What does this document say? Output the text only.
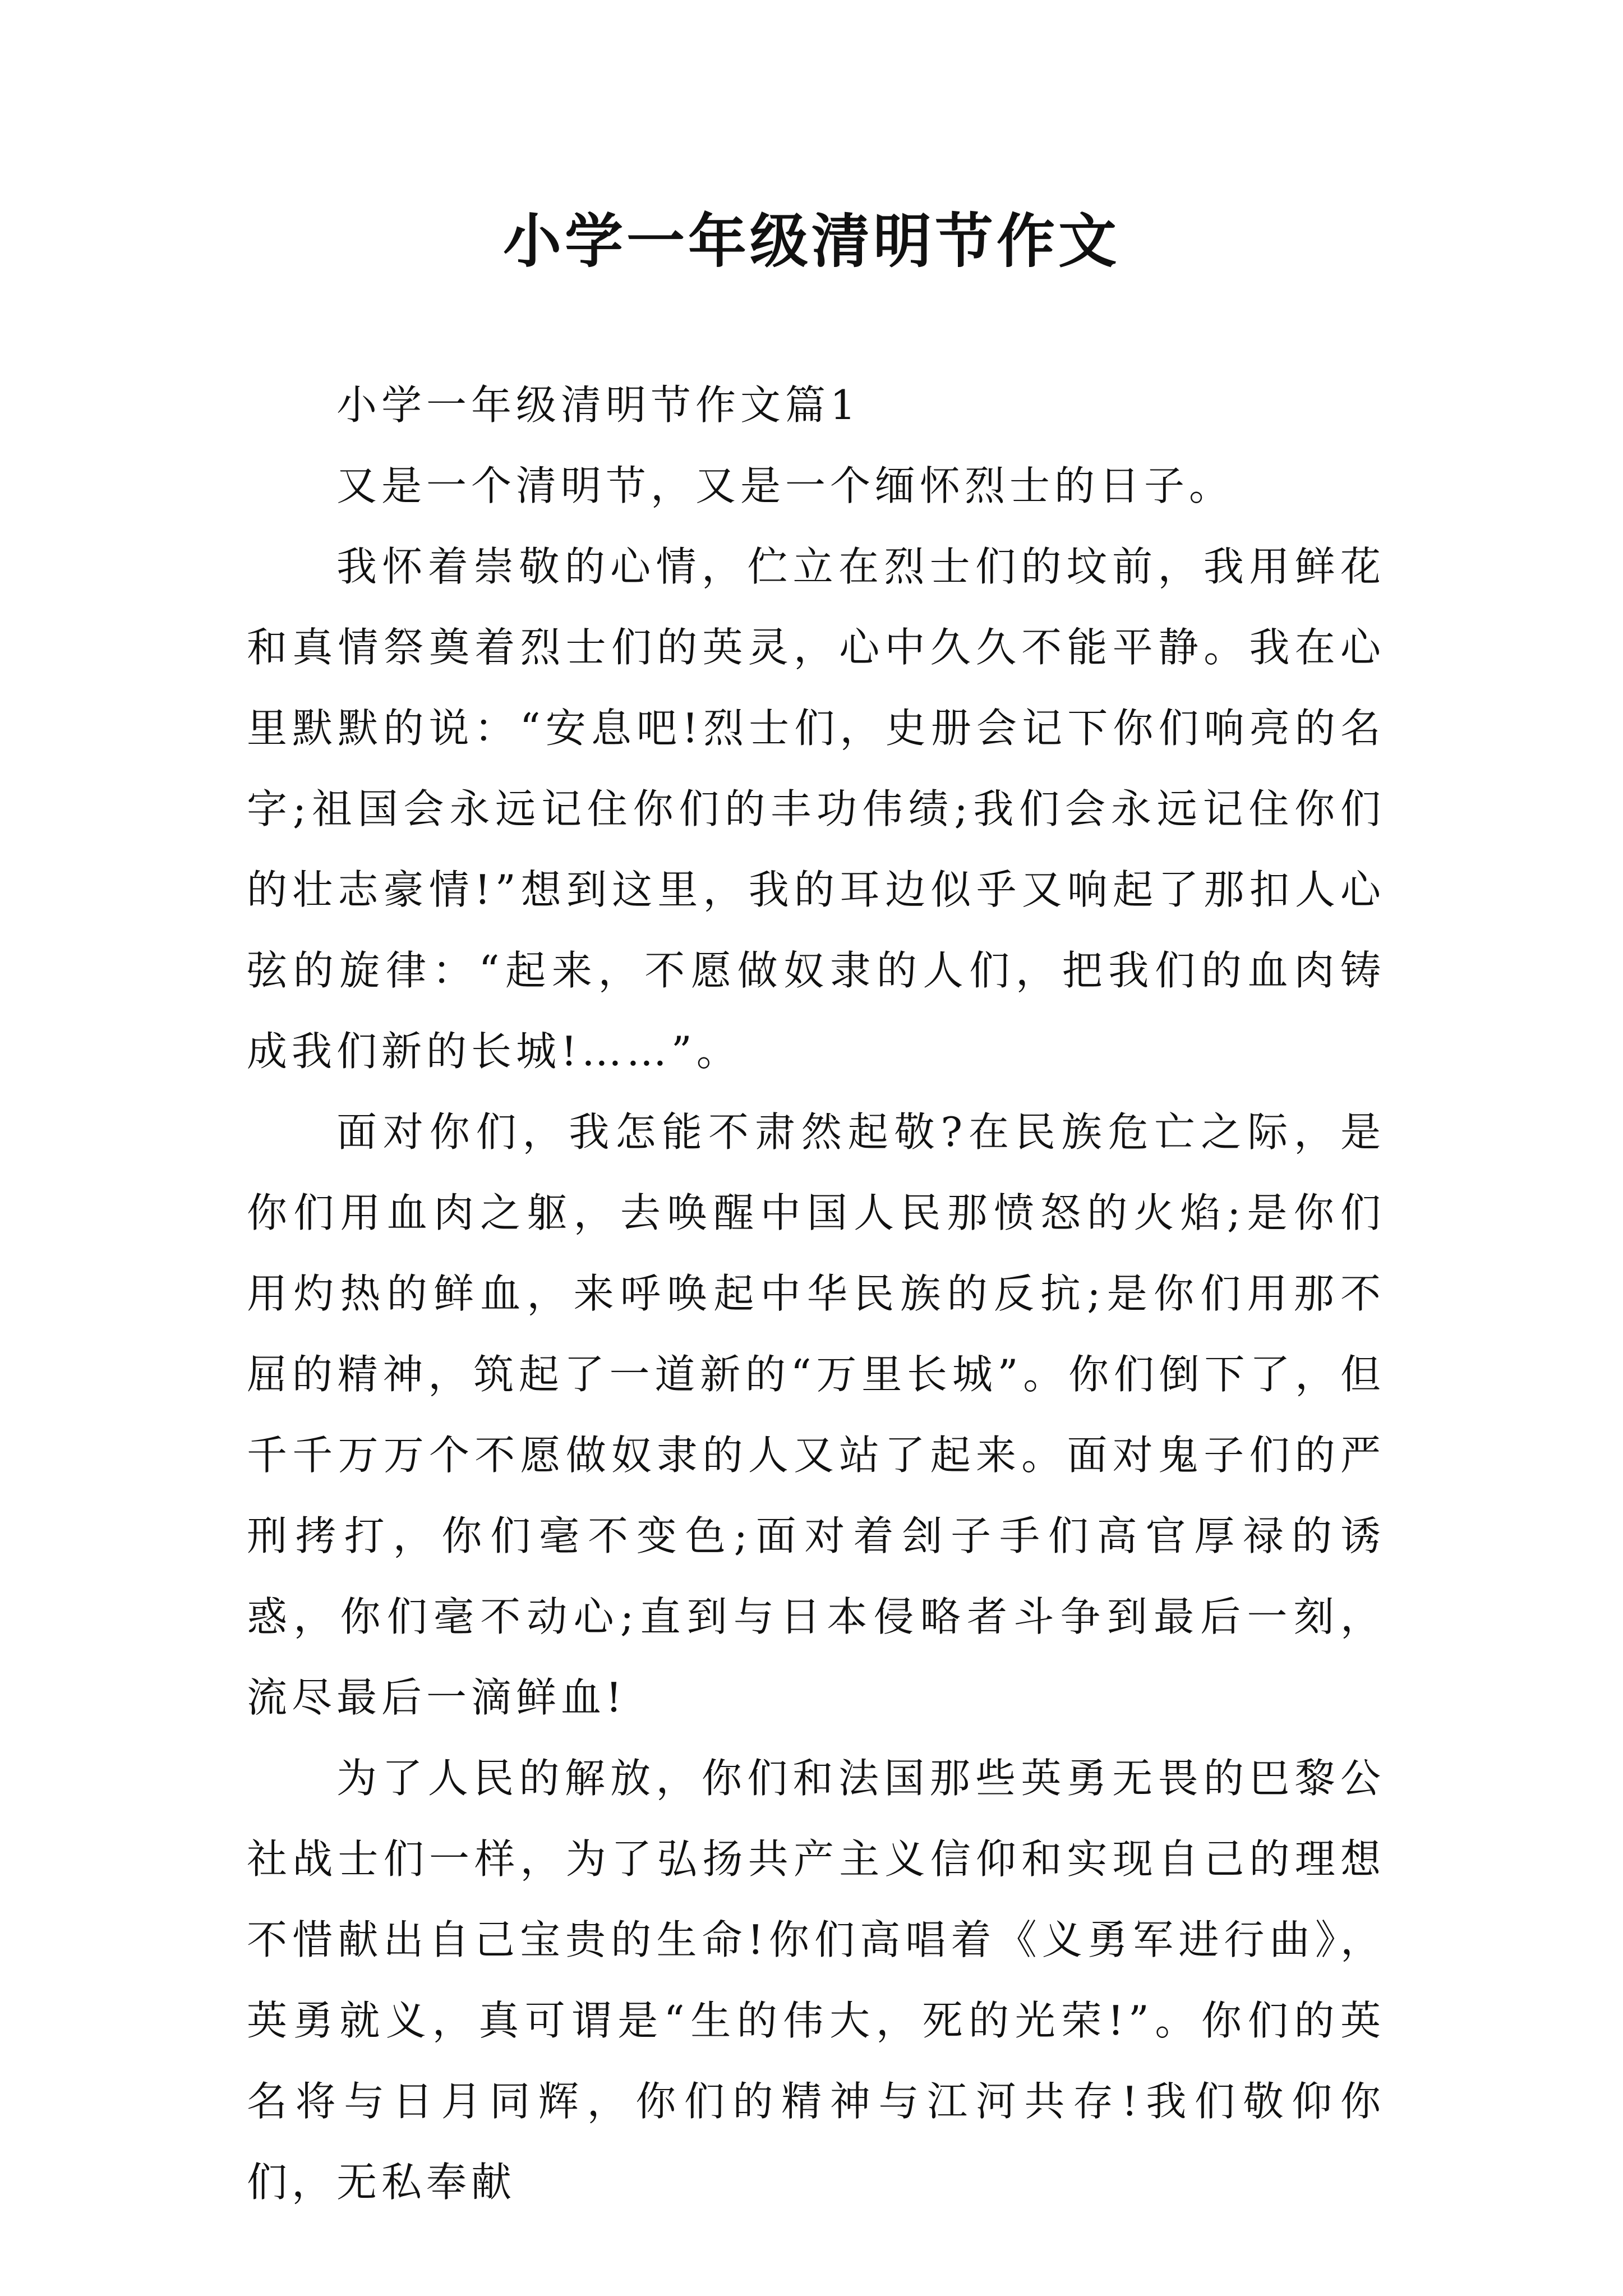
小学一年级清明节作文

小学一年级清明节作文篇1

又是一个清明节，又是一个缅怀烈士的日子。

我怀着崇敬的心情，伫立在烈士们的坟前，我用鲜花和真情祭奠着烈士们的英灵，心中久久不能平静。我在心里默默的说：“安息吧!烈士们，史册会记下你们响亮的名字;祖国会永远记住你们的丰功伟绩;我们会永远记住你们的壮志豪情!”想到这里，我的耳边似乎又响起了那扣人心弦的旋律：“起来，不愿做奴隶的人们，把我们的血肉铸成我们新的长城!……”。

面对你们，我怎能不肃然起敬?在民族危亡之际，是你们用血肉之躯，去唤醒中国人民那愤怒的火焰;是你们用灼热的鲜血，来呼唤起中华民族的反抗;是你们用那不屈的精神，筑起了一道新的“万里长城”。你们倒下了，但千千万万个不愿做奴隶的人又站了起来。面对鬼子们的严刑拷打，你们毫不变色;面对着刽子手们高官厚禄的诱惑，你们毫不动心;直到与日本侵略者斗争到最后一刻，流尽最后一滴鲜血!

为了人民的解放，你们和法国那些英勇无畏的巴黎公社战士们一样，为了弘扬共产主义信仰和实现自己的理想不惜献出自己宝贵的生命!你们高唱着《义勇军进行曲》，英勇就义，真可谓是“生的伟大，死的光荣!”。你们的英名将与日月同辉，你们的精神与江河共存!我们敬仰你们，无私奉献
